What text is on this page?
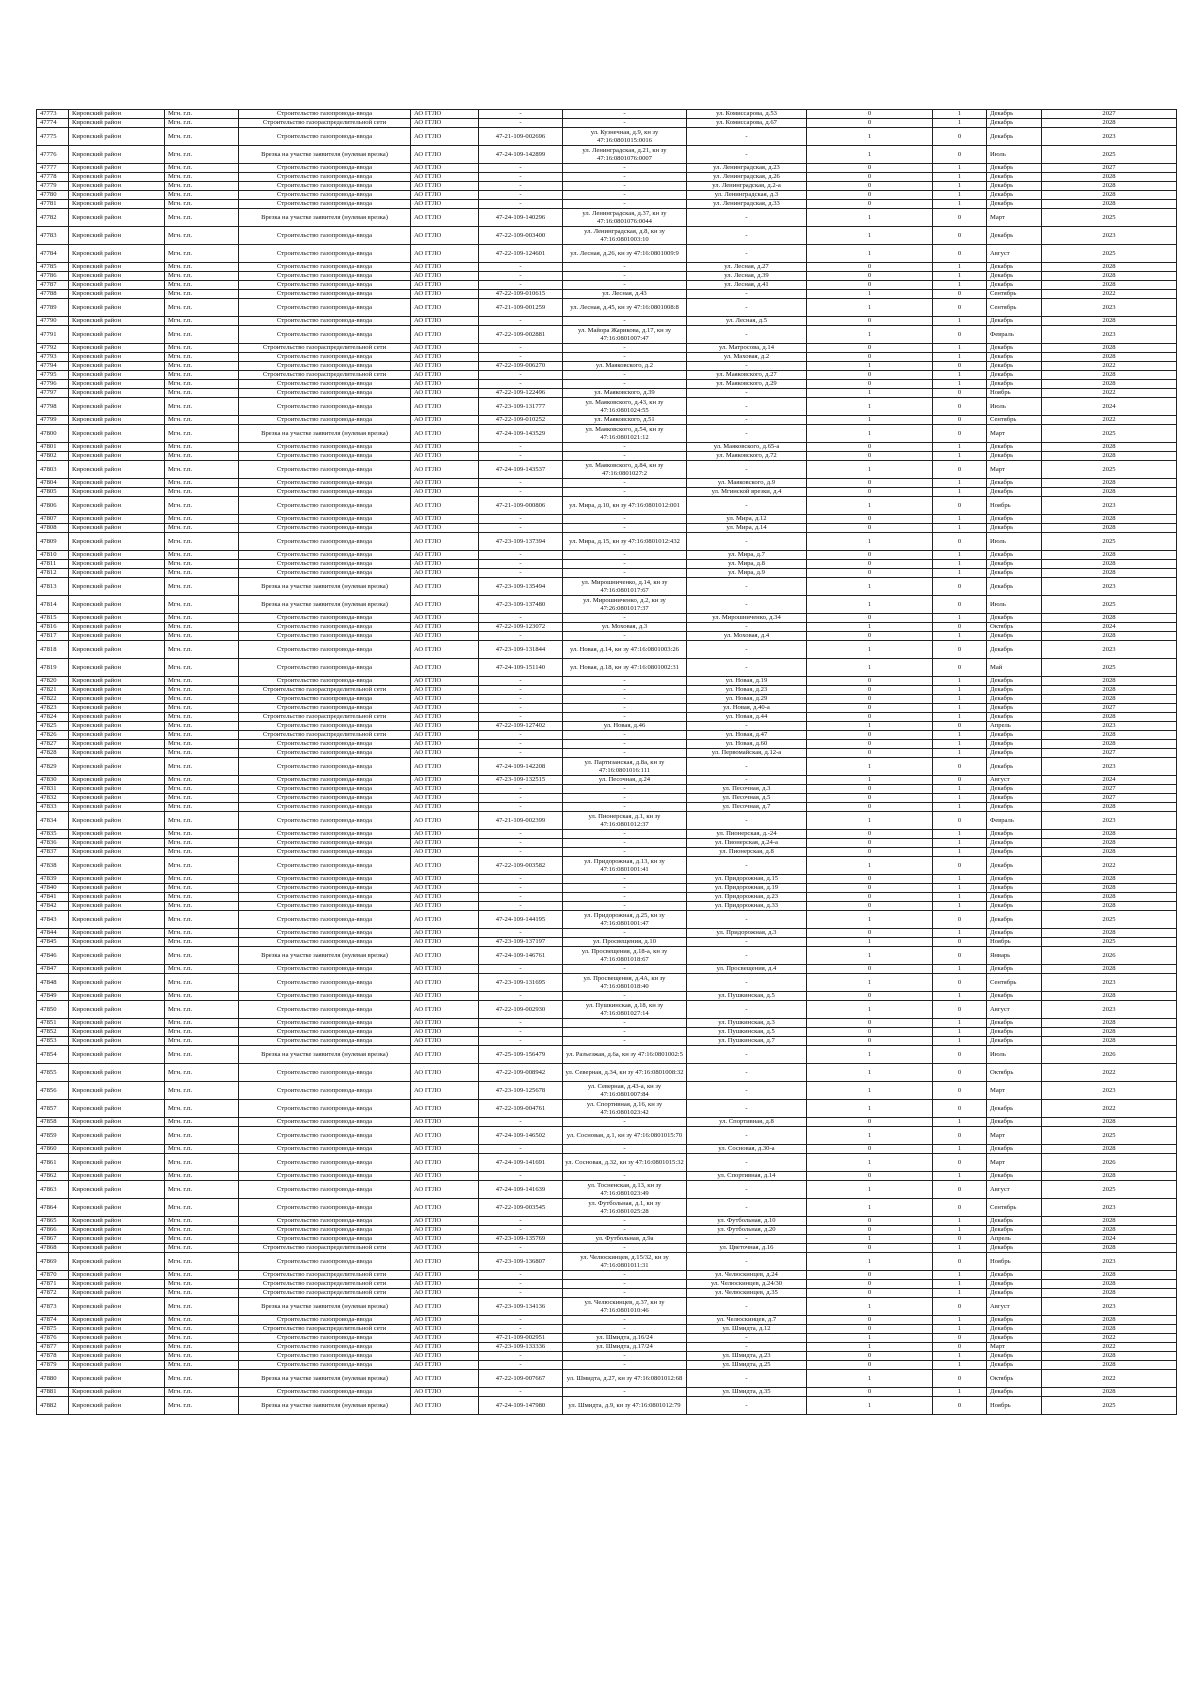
47773	Кировский район	Мгн. г.п.	Строительство газопровода-ввода	АО ГГЛО	-	-	ул. Комиссарова, д.53	0	1	Декабрь	2027
47774	Кировский район	Мгн. г.п.	Строительство газораспределительной сети	АО ГГЛО	-	-	ул. Комиссарова, д.67	0	1	Декабрь	2028
47775	Кировский район	Мгн. г.п.	Строительство газопровода-ввода	АО ГГЛО	47-21-109-002696	ул. Кузнечная, д.9, кн зу 47:16:0801015:0016	-	1	0	Декабрь	2023
47776	Кировский район	Мгн. г.п.	Врезка на участке заявителя (нулевая врезка)	АО ГГЛО	47-24-109-142899	ул. Ленинградская, д.21, кн зу 47:16:0801076:0007	-	1	0	Июль	2025
47777	Кировский район	Мгн. г.п.	Строительство газопровода-ввода	АО ГГЛО	-	-	ул. Ленинградская, д.23	0	1	Декабрь	2027
47778	Кировский район	Мгн. г.п.	Строительство газопровода-ввода	АО ГГЛО	-	-	ул. Ленинградская, д.26	0	1	Декабрь	2028
47779	Кировский район	Мгн. г.п.	Строительство газопровода-ввода	АО ГГЛО	-	-	ул. Ленинградская, д.2-а	0	1	Декабрь	2028
47780	Кировский район	Мгн. г.п.	Строительство газопровода-ввода	АО ГГЛО	-	-	ул. Ленинградская, д.3	0	1	Декабрь	2028
47781	Кировский район	Мгн. г.п.	Строительство газопровода-ввода	АО ГГЛО	-	-	ул. Ленинградская, д.33	0	1	Декабрь	2028
47782	Кировский район	Мгн. г.п.	Врезка на участке заявителя (нулевая врезка)	АО ГГЛО	47-24-109-140296	ул. Ленинградская, д.37, кн зу 47:16:0801076:0044	-	1	0	Март	2025
47783	Кировский район	Мгн. г.п.	Строительство газопровода-ввода	АО ГГЛО	47-22-109-003400	ул. Ленинградская, д.8, кн зу 47:16:0801003:10	-	1	0	Декабрь	2023
47784	Кировский район	Мгн. г.п.	Строительство газопровода-ввода	АО ГГЛО	47-22-109-124601	ул. Лесная, д.26, кн зу 47:16:0801009:9	-	1	0	Август	2025
47785	Кировский район	Мгн. г.п.	Строительство газопровода-ввода	АО ГГЛО	-	-	ул. Лесная, д.27	0	1	Декабрь	2028
47786	Кировский район	Мгн. г.п.	Строительство газопровода-ввода	АО ГГЛО	-	-	ул. Лесная, д.39	0	1	Декабрь	2028
47787	Кировский район	Мгн. г.п.	Строительство газопровода-ввода	АО ГГЛО	-	-	ул. Лесная, д.41	0	1	Декабрь	2028
47788	Кировский район	Мгн. г.п.	Строительство газопровода-ввода	АО ГГЛО	47-22-109-010615	ул. Лесная, д.43	-	1	0	Сентябрь	2022
47789	Кировский район	Мгн. г.п.	Строительство газопровода-ввода	АО ГГЛО	47-21-109-001259	ул. Лесная, д.45, кн зу 47:16:0801008:8	-	1	0	Сентябрь	2023
47790	Кировский район	Мгн. г.п.	Строительство газопровода-ввода	АО ГГЛО	-	-	ул. Лесная, д.5	0	1	Декабрь	2028
47791	Кировский район	Мгн. г.п.	Строительство газопровода-ввода	АО ГГЛО	47-22-109-002881	ул. Майора Жарикова, д.17, кн зу 47:16:0801007:47	-	1	0	Февраль	2023
47792	Кировский район	Мгн. г.п.	Строительство газораспределительной сети	АО ГГЛО	-	-	ул. Матросова, д.14	0	1	Декабрь	2028
47793	Кировский район	Мгн. г.п.	Строительство газопровода-ввода	АО ГГЛО	-	-	ул. Маховая, д.2	0	1	Декабрь	2028
47794	Кировский район	Мгн. г.п.	Строительство газопровода-ввода	АО ГГЛО	47-22-109-006270	ул. Маяковского, д.2	-	1	0	Декабрь	2022
47795	Кировский район	Мгн. г.п.	Строительство газораспределительной сети	АО ГГЛО	-	-	ул. Маяковского, д.27	0	1	Декабрь	2028
47796	Кировский район	Мгн. г.п.	Строительство газопровода-ввода	АО ГГЛО	-	-	ул. Маяковского, д.29	0	1	Декабрь	2028
47797	Кировский район	Мгн. г.п.	Строительство газопровода-ввода	АО ГГЛО	47-22-109-122496	ул. Маяковского, д.39	-	1	0	Ноябрь	2022
47798	Кировский район	Мгн. г.п.	Строительство газопровода-ввода	АО ГГЛО	47-23-109-131777	ул. Маяковского, д.43, кн зу 47:16:0801024:55	-	1	0	Июль	2024
47799	Кировский район	Мгн. г.п.	Строительство газопровода-ввода	АО ГГЛО	47-22-109-010252	ул. Маяковского, д.51	-	1	0	Сентябрь	2022
47800	Кировский район	Мгн. г.п.	Врезка на участке заявителя (нулевая врезка)	АО ГГЛО	47-24-109-143529	ул. Маяковского, д.54, кн зу 47:16:0801021:12	-	1	0	Март	2025
47801	Кировский район	Мгн. г.п.	Строительство газопровода-ввода	АО ГГЛО	-	-	ул. Маяковского, д.65-а	0	1	Декабрь	2028
47802	Кировский район	Мгн. г.п.	Строительство газопровода-ввода	АО ГГЛО	-	-	ул. Маяковского, д.72	0	1	Декабрь	2028
47803	Кировский район	Мгн. г.п.	Строительство газопровода-ввода	АО ГГЛО	47-24-109-143537	ул. Маяковского, д.84, кн зу 47:16:0801027:2	-	1	0	Март	2025
47804	Кировский район	Мгн. г.п.	Строительство газопровода-ввода	АО ГГЛО	-	-	ул. Маяковского, д.9	0	1	Декабрь	2028
47805	Кировский район	Мгн. г.п.	Строительство газопровода-ввода	АО ГГЛО	-	-	ул. Мгинской врезки, д.4	0	1	Декабрь	2028
47806	Кировский район	Мгн. г.п.	Строительство газопровода-ввода	АО ГГЛО	47-21-109-000806	ул. Мира, д.10, кн зу 47:16:0801012:001	-	1	0	Ноябрь	2023
47807	Кировский район	Мгн. г.п.	Строительство газопровода-ввода	АО ГГЛО	-	-	ул. Мира, д.12	0	1	Декабрь	2028
47808	Кировский район	Мгн. г.п.	Строительство газопровода-ввода	АО ГГЛО	-	-	ул. Мира, д.14	0	1	Декабрь	2028
47809	Кировский район	Мгн. г.п.	Строительство газопровода-ввода	АО ГГЛО	47-23-109-137394	ул. Мира, д.15, кн зу 47:16:0801012:432	-	1	0	Июль	2025
47810	Кировский район	Мгн. г.п.	Строительство газопровода-ввода	АО ГГЛО	-	-	ул. Мира, д.7	0	1	Декабрь	2028
47811	Кировский район	Мгн. г.п.	Строительство газопровода-ввода	АО ГГЛО	-	-	ул. Мира, д.8	0	1	Декабрь	2028
47812	Кировский район	Мгн. г.п.	Строительство газопровода-ввода	АО ГГЛО	-	-	ул. Мира, д.9	0	1	Декабрь	2028
47813	Кировский район	Мгн. г.п.	Врезка на участке заявителя (нулевая врезка)	АО ГГЛО	47-23-109-135494	ул. Мирошниченко, д.14, кн зу 47:16:0801017:67	-	1	0	Декабрь	2023
47814	Кировский район	Мгн. г.п.	Врезка на участке заявителя (нулевая врезка)	АО ГГЛО	47-23-109-137480	ул. Мирошниченко, д.2, кн зу 47:26:0801017:37	-	1	0	Июль	2025
47815	Кировский район	Мгн. г.п.	Строительство газопровода-ввода	АО ГГЛО	-	-	ул. Мирошниченко, д.34	0	1	Декабрь	2028
47816	Кировский район	Мгн. г.п.	Строительство газопровода-ввода	АО ГГЛО	47-22-109-123072	ул. Моховая, д.3	-	1	0	Октябрь	2024
47817	Кировский район	Мгн. г.п.	Строительство газопровода-ввода	АО ГГЛО	-	-	ул. Моховая, д.4	0	1	Декабрь	2028
47818	Кировский район	Мгн. г.п.	Строительство газопровода-ввода	АО ГГЛО	47-23-109-131844	ул. Новая, д.14, кн зу 47:16:0801003:26	-	1	0	Декабрь	2023
47819	Кировский район	Мгн. г.п.	Строительство газопровода-ввода	АО ГГЛО	47-24-109-151140	ул. Новая, д.18, кн зу 47:16:0801002:31	-	1	0	Май	2025
47820	Кировский район	Мгн. г.п.	Строительство газопровода-ввода	АО ГГЛО	-	-	ул. Новая, д.19	0	1	Декабрь	2028
47821	Кировский район	Мгн. г.п.	Строительство газораспределительной сети	АО ГГЛО	-	-	ул. Новая, д.23	0	1	Декабрь	2028
47822	Кировский район	Мгн. г.п.	Строительство газопровода-ввода	АО ГГЛО	-	-	ул. Новая, д.29	0	1	Декабрь	2028
47823	Кировский район	Мгн. г.п.	Строительство газопровода-ввода	АО ГГЛО	-	-	ул. Новая, д.40-а	0	1	Декабрь	2027
47824	Кировский район	Мгн. г.п.	Строительство газораспределительной сети	АО ГГЛО	-	-	ул. Новая, д.44	0	1	Декабрь	2028
47825	Кировский район	Мгн. г.п.	Строительство газопровода-ввода	АО ГГЛО	47-22-109-127402	ул. Новая, д.46	-	1	0	Апрель	2023
47826	Кировский район	Мгн. г.п.	Строительство газораспределительной сети	АО ГГЛО	-	-	ул. Новая, д.47	0	1	Декабрь	2028
47827	Кировский район	Мгн. г.п.	Строительство газопровода-ввода	АО ГГЛО	-	-	ул. Новая, д.60	0	1	Декабрь	2028
47828	Кировский район	Мгн. г.п.	Строительство газопровода-ввода	АО ГГЛО	-	-	ул. Первомайская, д.12-а	0	1	Декабрь	2027
47829	Кировский район	Мгн. г.п.	Строительство газопровода-ввода	АО ГГЛО	47-24-109-142208	ул. Партизанская, д.8а, кн зу 47:16:0801016:111	-	1	0	Декабрь	2023
47830	Кировский район	Мгн. г.п.	Строительство газопровода-ввода	АО ГГЛО	47-23-109-132515	ул. Песочная, д.24	-	1	0	Август	2024
47831	Кировский район	Мгн. г.п.	Строительство газопровода-ввода	АО ГГЛО	-	-	ул. Песочная, д.3	0	1	Декабрь	2027
47832	Кировский район	Мгн. г.п.	Строительство газопровода-ввода	АО ГГЛО	-	-	ул. Песочная, д.5	0	1	Декабрь	2027
47833	Кировский район	Мгн. г.п.	Строительство газопровода-ввода	АО ГГЛО	-	-	ул. Песочная, д.7	0	1	Декабрь	2028
47834	Кировский район	Мгн. г.п.	Строительство газопровода-ввода	АО ГГЛО	47-21-109-002399	ул. Пионерская, д.1, кн зу 47:16:0801012:37	-	1	0	Февраль	2023
47835	Кировский район	Мгн. г.п.	Строительство газопровода-ввода	АО ГГЛО	-	-	ул. Пионерская, д.-24	0	1	Декабрь	2028
47836	Кировский район	Мгн. г.п.	Строительство газопровода-ввода	АО ГГЛО	-	-	ул. Пионерская, д.24-а	0	1	Декабрь	2028
47837	Кировский район	Мгн. г.п.	Строительство газопровода-ввода	АО ГГЛО	-	-	ул. Пионерская, д.8	0	1	Декабрь	2028
47838	Кировский район	Мгн. г.п.	Строительство газопровода-ввода	АО ГГЛО	47-22-109-003582	ул. Придорожная, д.13, кн зу 47:16:0801001:41	-	1	0	Декабрь	2022
47839	Кировский район	Мгн. г.п.	Строительство газопровода-ввода	АО ГГЛО	-	-	ул. Придорожная, д.15	0	1	Декабрь	2028
47840	Кировский район	Мгн. г.п.	Строительство газопровода-ввода	АО ГГЛО	-	-	ул. Придорожная, д.19	0	1	Декабрь	2028
47841	Кировский район	Мгн. г.п.	Строительство газопровода-ввода	АО ГГЛО	-	-	ул. Придорожная, д.23	0	1	Декабрь	2028
47842	Кировский район	Мгн. г.п.	Строительство газопровода-ввода	АО ГГЛО	-	-	ул. Придорожная, д.33	0	1	Декабрь	2028
47843	Кировский район	Мгн. г.п.	Строительство газопровода-ввода	АО ГГЛО	47-24-109-144195	ул. Придорожная, д.25, кн зу 47:16:0801001:47	-	1	0	Декабрь	2025
47844	Кировский район	Мгн. г.п.	Строительство газопровода-ввода	АО ГГЛО	-	-	ул. Придорожная, д.3	0	1	Декабрь	2028
47845	Кировский район	Мгн. г.п.	Строительство газопровода-ввода	АО ГГЛО	47-23-109-137197	ул. Просвещения, д.10	-	1	0	Ноябрь	2025
47846	Кировский район	Мгн. г.п.	Врезка на участке заявителя (нулевая врезка)	АО ГГЛО	47-24-109-146761	ул. Просвещения, д.18-а, кн зу 47:16:0801018:67	-	1	0	Январь	2026
47847	Кировский район	Мгн. г.п.	Строительство газопровода-ввода	АО ГГЛО	-	-	ул. Просвещения, д.4	0	1	Декабрь	2028
47848	Кировский район	Мгн. г.п.	Строительство газопровода-ввода	АО ГГЛО	47-23-109-131695	ул. Просвещения, д.4А, кн зу 47:16:0801018:40	-	1	0	Сентябрь	2023
47849	Кировский район	Мгн. г.п.	Строительство газопровода-ввода	АО ГГЛО	-	-	ул. Пушкинская, д.5	0	1	Декабрь	2028
47850	Кировский район	Мгн. г.п.	Строительство газопровода-ввода	АО ГГЛО	47-22-109-002930	ул. Пушкинская, д.18, кн зу 47:16:0801027:14	-	1	0	Август	2023
47851	Кировский район	Мгн. г.п.	Строительство газопровода-ввода	АО ГГЛО	-	-	ул. Пушкинская, д.3	0	1	Декабрь	2028
47852	Кировский район	Мгн. г.п.	Строительство газопровода-ввода	АО ГГЛО	-	-	ул. Пушкинская, д.5	0	1	Декабрь	2028
47853	Кировский район	Мгн. г.п.	Строительство газопровода-ввода	АО ГГЛО	-	-	ул. Пушкинская, д.7	0	1	Декабрь	2028
47854	Кировский район	Мгн. г.п.	Врезка на участке заявителя (нулевая врезка)	АО ГГЛО	47-25-109-156479	ул. Разъезжая, д.6а, кн зу 47:16:0801002:5	-	1	0	Июль	2026
47855	Кировский район	Мгн. г.п.	Строительство газопровода-ввода	АО ГГЛО	47-22-109-008942	ул. Северная, д.34, кн зу 47:16:0801008:32	-	1	0	Октябрь	2022
47856	Кировский район	Мгн. г.п.	Строительство газопровода-ввода	АО ГГЛО	47-23-109-125678	ул. Северная, д.43-а, кн зу 47:16:0801007:84	-	1	0	Март	2023
47857	Кировский район	Мгн. г.п.	Строительство газопровода-ввода	АО ГГЛО	47-22-109-004761	ул. Спортивная, д.16, кн зу 47:16:0801023:42	-	1	0	Декабрь	2022
47858	Кировский район	Мгн. г.п.	Строительство газопровода-ввода	АО ГГЛО	-	-	ул. Спортивная, д.8	0	1	Декабрь	2028
47859	Кировский район	Мгн. г.п.	Строительство газопровода-ввода	АО ГГЛО	47-24-109-146502	ул. Сосновая, д.1, кн зу 47:16:0801015:70	-	1	0	Март	2025
47860	Кировский район	Мгн. г.п.	Строительство газопровода-ввода	АО ГГЛО	-	-	ул. Сосновая, д.30-а	0	1	Декабрь	2028
47861	Кировский район	Мгн. г.п.	Строительство газопровода-ввода	АО ГГЛО	47-24-109-141691	ул. Сосновая, д.32, кн зу 47:16:0801015:32	-	1	0	Март	2026
47862	Кировский район	Мгн. г.п.	Строительство газопровода-ввода	АО ГГЛО	-	-	ул. Спортивная, д.14	0	1	Декабрь	2028
47863	Кировский район	Мгн. г.п.	Строительство газопровода-ввода	АО ГГЛО	47-24-109-141639	ул. Тосненская, д.13, кн зу 47:16:0801023:49	-	1	0	Август	2025
47864	Кировский район	Мгн. г.п.	Строительство газопровода-ввода	АО ГГЛО	47-22-109-003545	ул. Футбольная, д.1, кн зу 47:16:0801025:28	-	1	0	Сентябрь	2023
47865	Кировский район	Мгн. г.п.	Строительство газопровода-ввода	АО ГГЛО	-	-	ул. Футбольная, д.10	0	1	Декабрь	2028
47866	Кировский район	Мгн. г.п.	Строительство газопровода-ввода	АО ГГЛО	-	-	ул. Футбольная, д.20	0	1	Декабрь	2028
47867	Кировский район	Мгн. г.п.	Строительство газопровода-ввода	АО ГГЛО	47-23-109-135769	ул. Футбольная, д.9а	-	1	0	Апрель	2024
47868	Кировский район	Мгн. г.п.	Строительство газораспределительной сети	АО ГГЛО	-	-	ул. Цветочная, д.16	0	1	Декабрь	2028
47869	Кировский район	Мгн. г.п.	Строительство газопровода-ввода	АО ГГЛО	47-23-109-136807	ул. Челюскинцев, д.15/32, кн зу 47:16:0801011:31	-	1	0	Ноябрь	2023
47870	Кировский район	Мгн. г.п.	Строительство газораспределительной сети	АО ГГЛО	-	-	ул. Челюскинцев, д.24	0	1	Декабрь	2028
47871	Кировский район	Мгн. г.п.	Строительство газораспределительной сети	АО ГГЛО	-	-	ул. Челюскинцев, д.24/30	0	1	Декабрь	2028
47872	Кировский район	Мгн. г.п.	Строительство газораспределительной сети	АО ГГЛО	-	-	ул. Челюскинцев, д.35	0	1	Декабрь	2028
47873	Кировский район	Мгн. г.п.	Врезка на участке заявителя (нулевая врезка)	АО ГГЛО	47-23-109-134136	ул. Челюскинцев, д.37, кн зу 47:16:0801010:46	-	1	0	Август	2023
47874	Кировский район	Мгн. г.п.	Строительство газопровода-ввода	АО ГГЛО	-	-	ул. Челюскинцев, д.7	0	1	Декабрь	2028
47875	Кировский район	Мгн. г.п.	Строительство газораспределительной сети	АО ГГЛО	-	-	ул. Шмидта, д.12	0	1	Декабрь	2028
47876	Кировский район	Мгн. г.п.	Строительство газопровода-ввода	АО ГГЛО	47-21-109-002951	ул. Шмидта, д.16/24	-	1	0	Декабрь	2022
47877	Кировский район	Мгн. г.п.	Строительство газопровода-ввода	АО ГГЛО	47-23-109-133336	ул. Шмидта, д.17/24	-	1	0	Март	2022
47878	Кировский район	Мгн. г.п.	Строительство газопровода-ввода	АО ГГЛО	-	-	ул. Шмидта, д.23	0	1	Декабрь	2028
47879	Кировский район	Мгн. г.п.	Строительство газопровода-ввода	АО ГГЛО	-	-	ул. Шмидта, д.25	0	1	Декабрь	2028
47880	Кировский район	Мгн. г.п.	Врезка на участке заявителя (нулевая врезка)	АО ГГЛО	47-22-109-007667	ул. Шмидта, д.27, кн зу 47:16:0801012:68	-	1	0	Октябрь	2022
47881	Кировский район	Мгн. г.п.	Строительство газопровода-ввода	АО ГГЛО	-	-	ул. Шмидта, д.35	0	1	Декабрь	2028
47882	Кировский район	Мгн. г.п.	Врезка на участке заявителя (нулевая врезка)	АО ГГЛО	47-24-109-147980	ул. Шмидта, д.9, кн зу 47:16:0801012:79	-	1	0	Ноябрь	2025
